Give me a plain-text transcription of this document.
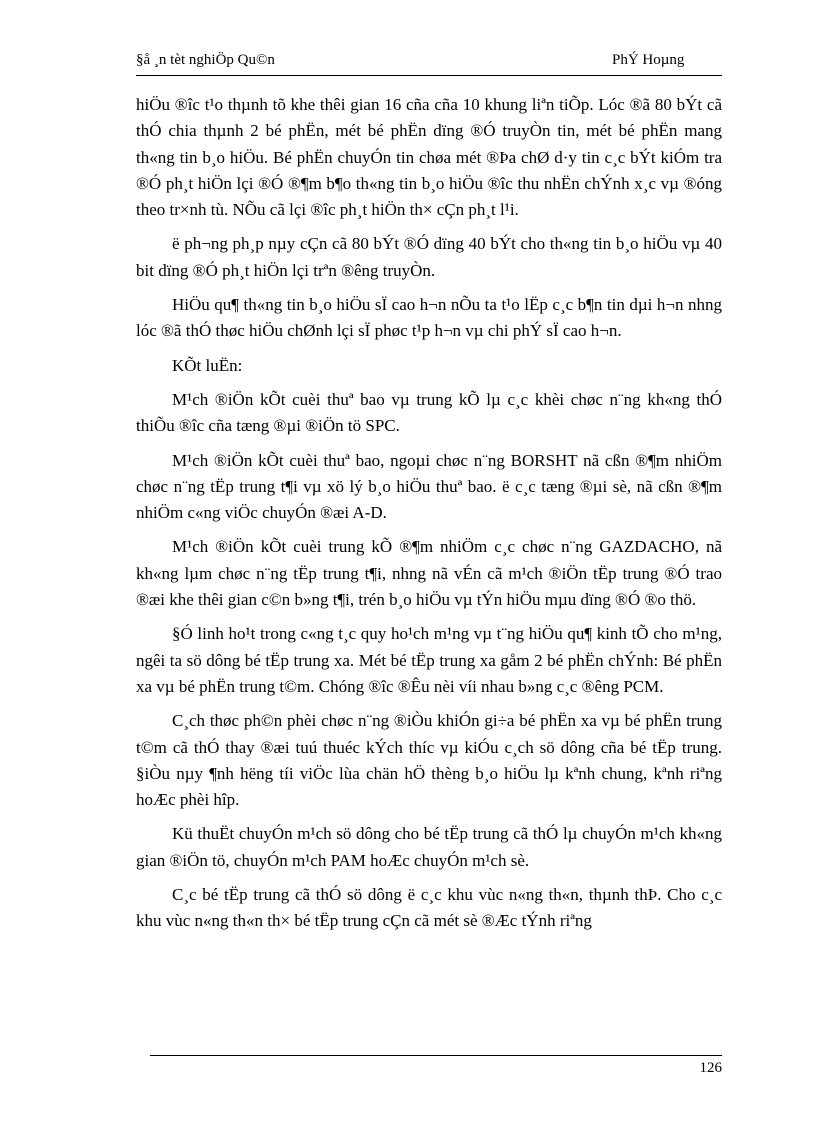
§å ¸n tèt nghiÖp Qu©n	PhÝ Hoµng

hiÖu ®îc t¹o thµnh tõ khe thêi gian 16 cña cña 10 khung liªn tiÕp. Lóc ®ã 80 bÝt cã thÓ chia thµnh 2 bé phËn, mét bé phËn dïng ®Ó truyÒn tin, mét bé phËn mang th«ng tin b¸o hiÖu. Bé phËn chuyÓn tin chøa mét ®Þa chØ d·y tin c¸c bÝt kiÓm tra ®Ó ph¸t hiÖn lçi ®Ó ®¶m b¶o th«ng tin b¸o hiÖu ®îc thu nhËn chÝnh x¸c vµ ®óng theo tr×nh tù. NÕu cã lçi ®îc ph¸t hiÖn th× cÇn ph¸t l¹i.

ë ph¬ng ph¸p nµy cÇn cã 80 bÝt ®Ó dïng 40 bÝt cho th«ng tin b¸o hiÖu vµ 40 bit dïng ®Ó ph¸t hiÖn lçi trªn ®êng truyÒn.

HiÖu qu¶ th«ng tin b¸o hiÖu sÏ cao h¬n nÕu ta t¹o lËp c¸c b¶n tin dµi h¬n nhng lóc ®ã thÓ thøc hiÖu chØnh lçi sÏ phøc t¹p h¬n vµ chi phÝ sÏ cao h¬n.

KÕt luËn:

M¹ch ®iÖn kÕt cuèi thuª bao vµ trung kÕ lµ c¸c khèi chøc n¨ng kh«ng thÓ thiÕu ®îc cña tæng ®µi ®iÖn tö SPC.

M¹ch ®iÖn kÕt cuèi thuª bao, ngoµi chøc n¨ng BORSHT nã cßn ®¶m nhiÖm chøc n¨ng tËp trung t¶i vµ xö lý b¸o hiÖu thuª bao. ë c¸c tæng ®µi sè, nã cßn ®¶m nhiÖm c«ng viÖc chuyÓn ®æi A-D.

M¹ch ®iÖn kÕt cuèi trung kÕ ®¶m nhiÖm c¸c chøc n¨ng GAZDACHO, nã kh«ng lµm chøc n¨ng tËp trung t¶i, nhng nã vÉn cã m¹ch ®iÖn tËp trung ®Ó trao ®æi khe thêi gian c©n b»ng t¶i, trén b¸o hiÖu vµ tÝn hiÖu mµu dïng ®Ó ®o thö.

§Ó linh ho¹t trong c«ng t¸c quy ho¹ch m¹ng vµ t¨ng hiÖu qu¶ kinh tÕ cho m¹ng, ngêi ta sö dông bé tËp trung xa. Mét bé tËp trung xa gåm 2 bé phËn chÝnh: Bé phËn xa vµ bé phËn trung t©m. Chóng ®îc ®Êu nèi víi nhau b»ng c¸c ®êng PCM.

C¸ch thøc ph©n phèi chøc n¨ng ®iÒu khiÓn gi÷a bé phËn xa vµ bé phËn trung t©m cã thÓ thay ®æi tuú thuéc kÝch thíc vµ kiÓu c¸ch sö dông cña bé tËp trung. §iÒu nµy ¶nh hëng tíi viÖc lùa chän hÖ thèng b¸o hiÖu lµ kªnh chung, kªnh riªng hoÆc phèi hîp.

Kü thuËt chuyÓn m¹ch sö dông cho bé tËp trung cã thÓ lµ chuyÓn m¹ch kh«ng gian ®iÖn tö, chuyÓn m¹ch PAM hoÆc chuyÓn m¹ch sè.

C¸c bé tËp trung cã thÓ sö dông ë c¸c khu vùc n«ng th«n, thµnh thÞ. Cho c¸c khu vùc n«ng th«n th× bé tËp trung cÇn cã mét sè ®Æc tÝnh riªng

126
